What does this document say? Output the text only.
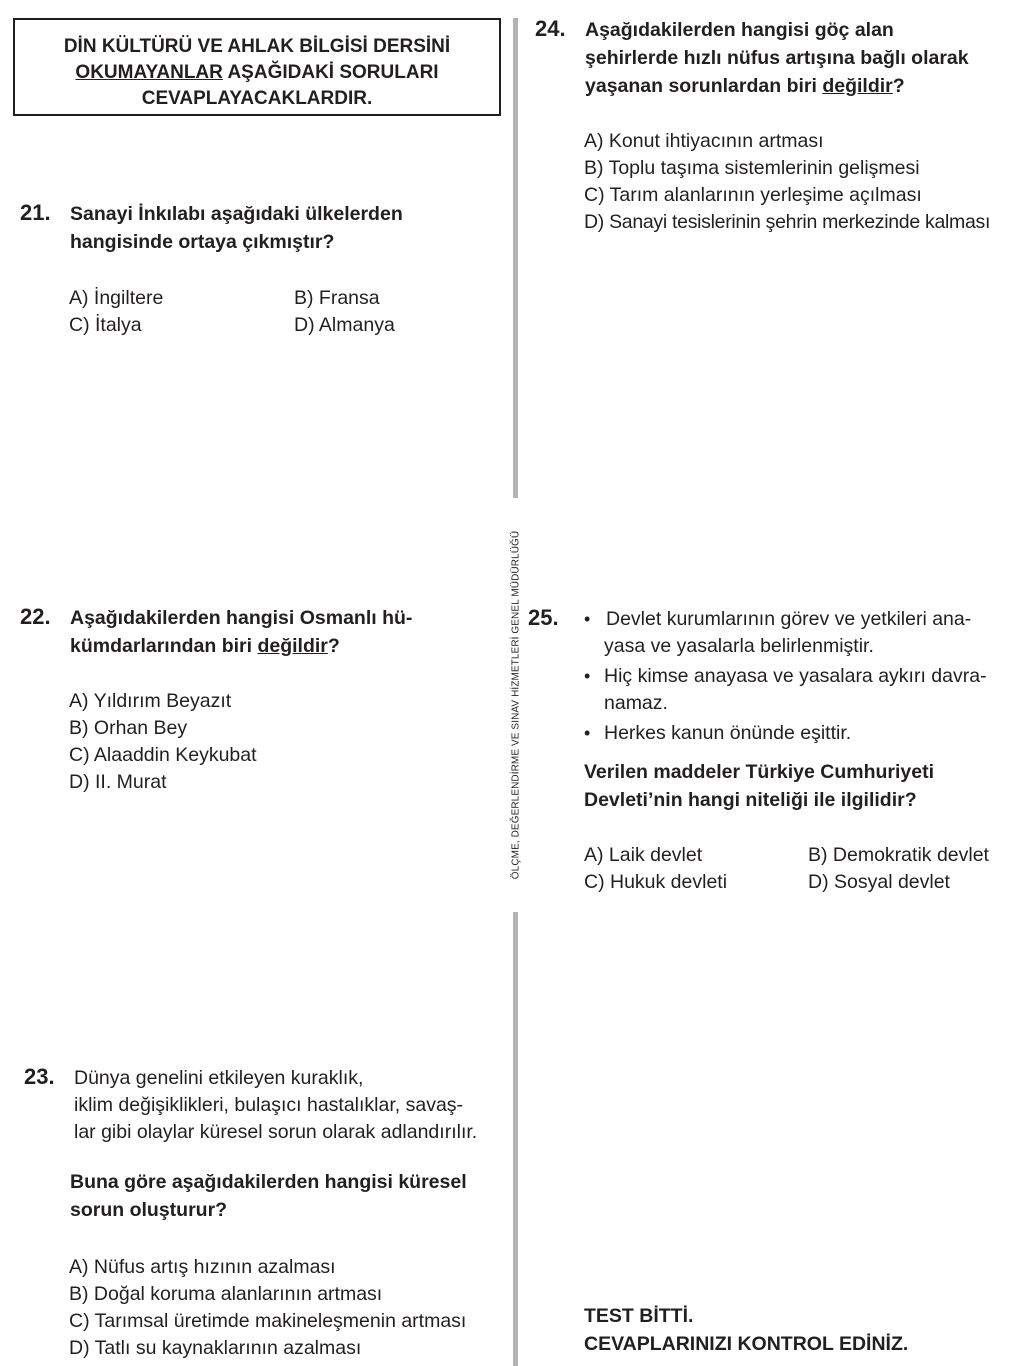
DİN KÜLTÜRÜ VE AHLAK BİLGİSİ DERSİNİ
OKUMAYANLAR AŞAĞIDAKİ SORULARI
CEVAPLAYACAKLARDIR.
ÖLÇME, DEĞERLENDİRME VE SINAV HİZMETLERİ GENEL MÜDÜRLÜĞÜ
21. Sanayi İnkılabı aşağıdaki ülkelerden
hangisinde ortaya çıkmıştır?
A) İngiltere	B) Fransa
C) İtalya	D) Almanya
22. Aşağıdakilerden hangisi Osmanlı hü-
kümdarlarından biri değildir?
A) Yıldırım Beyazıt
B) Orhan Bey
C) Alaaddin Keykubat
D) II. Murat
23. Dünya genelini etkileyen kuraklık,
iklim değişiklikleri, bulaşıcı hastalıklar, savaş-
lar gibi olaylar küresel sorun olarak adlandırılır.
Buna göre aşağıdakilerden hangisi küresel
sorun oluşturur?
A) Nüfus artış hızının azalması
B) Doğal koruma alanlarının artması
C) Tarımsal üretimde makineleşmenin artması
D) Tatlı su kaynaklarının azalması
24. Aşağıdakilerden hangisi göç alan
şehirlerde hızlı nüfus artışına bağlı olarak
yaşanan sorunlardan biri değildir?
A) Konut ihtiyacının artması
B) Toplu taşıma sistemlerinin gelişmesi
C) Tarım alanlarının yerleşime açılması
D) Sanayi tesislerinin şehrin merkezinde kalması
25. • Devlet kurumlarının görev ve yetkileri ana-
yasa ve yasalarla belirlenmiştir.
• Hiç kimse anayasa ve yasalara aykırı davra-
namaz.
• Herkes kanun önünde eşittir.
Verilen maddeler Türkiye Cumhuriyeti
Devleti’nin hangi niteliği ile ilgilidir?
A) Laik devlet	B) Demokratik devlet
C) Hukuk devleti	D) Sosyal devlet
TEST BİTTİ.
CEVAPLARINIZI KONTROL EDİNİZ.
